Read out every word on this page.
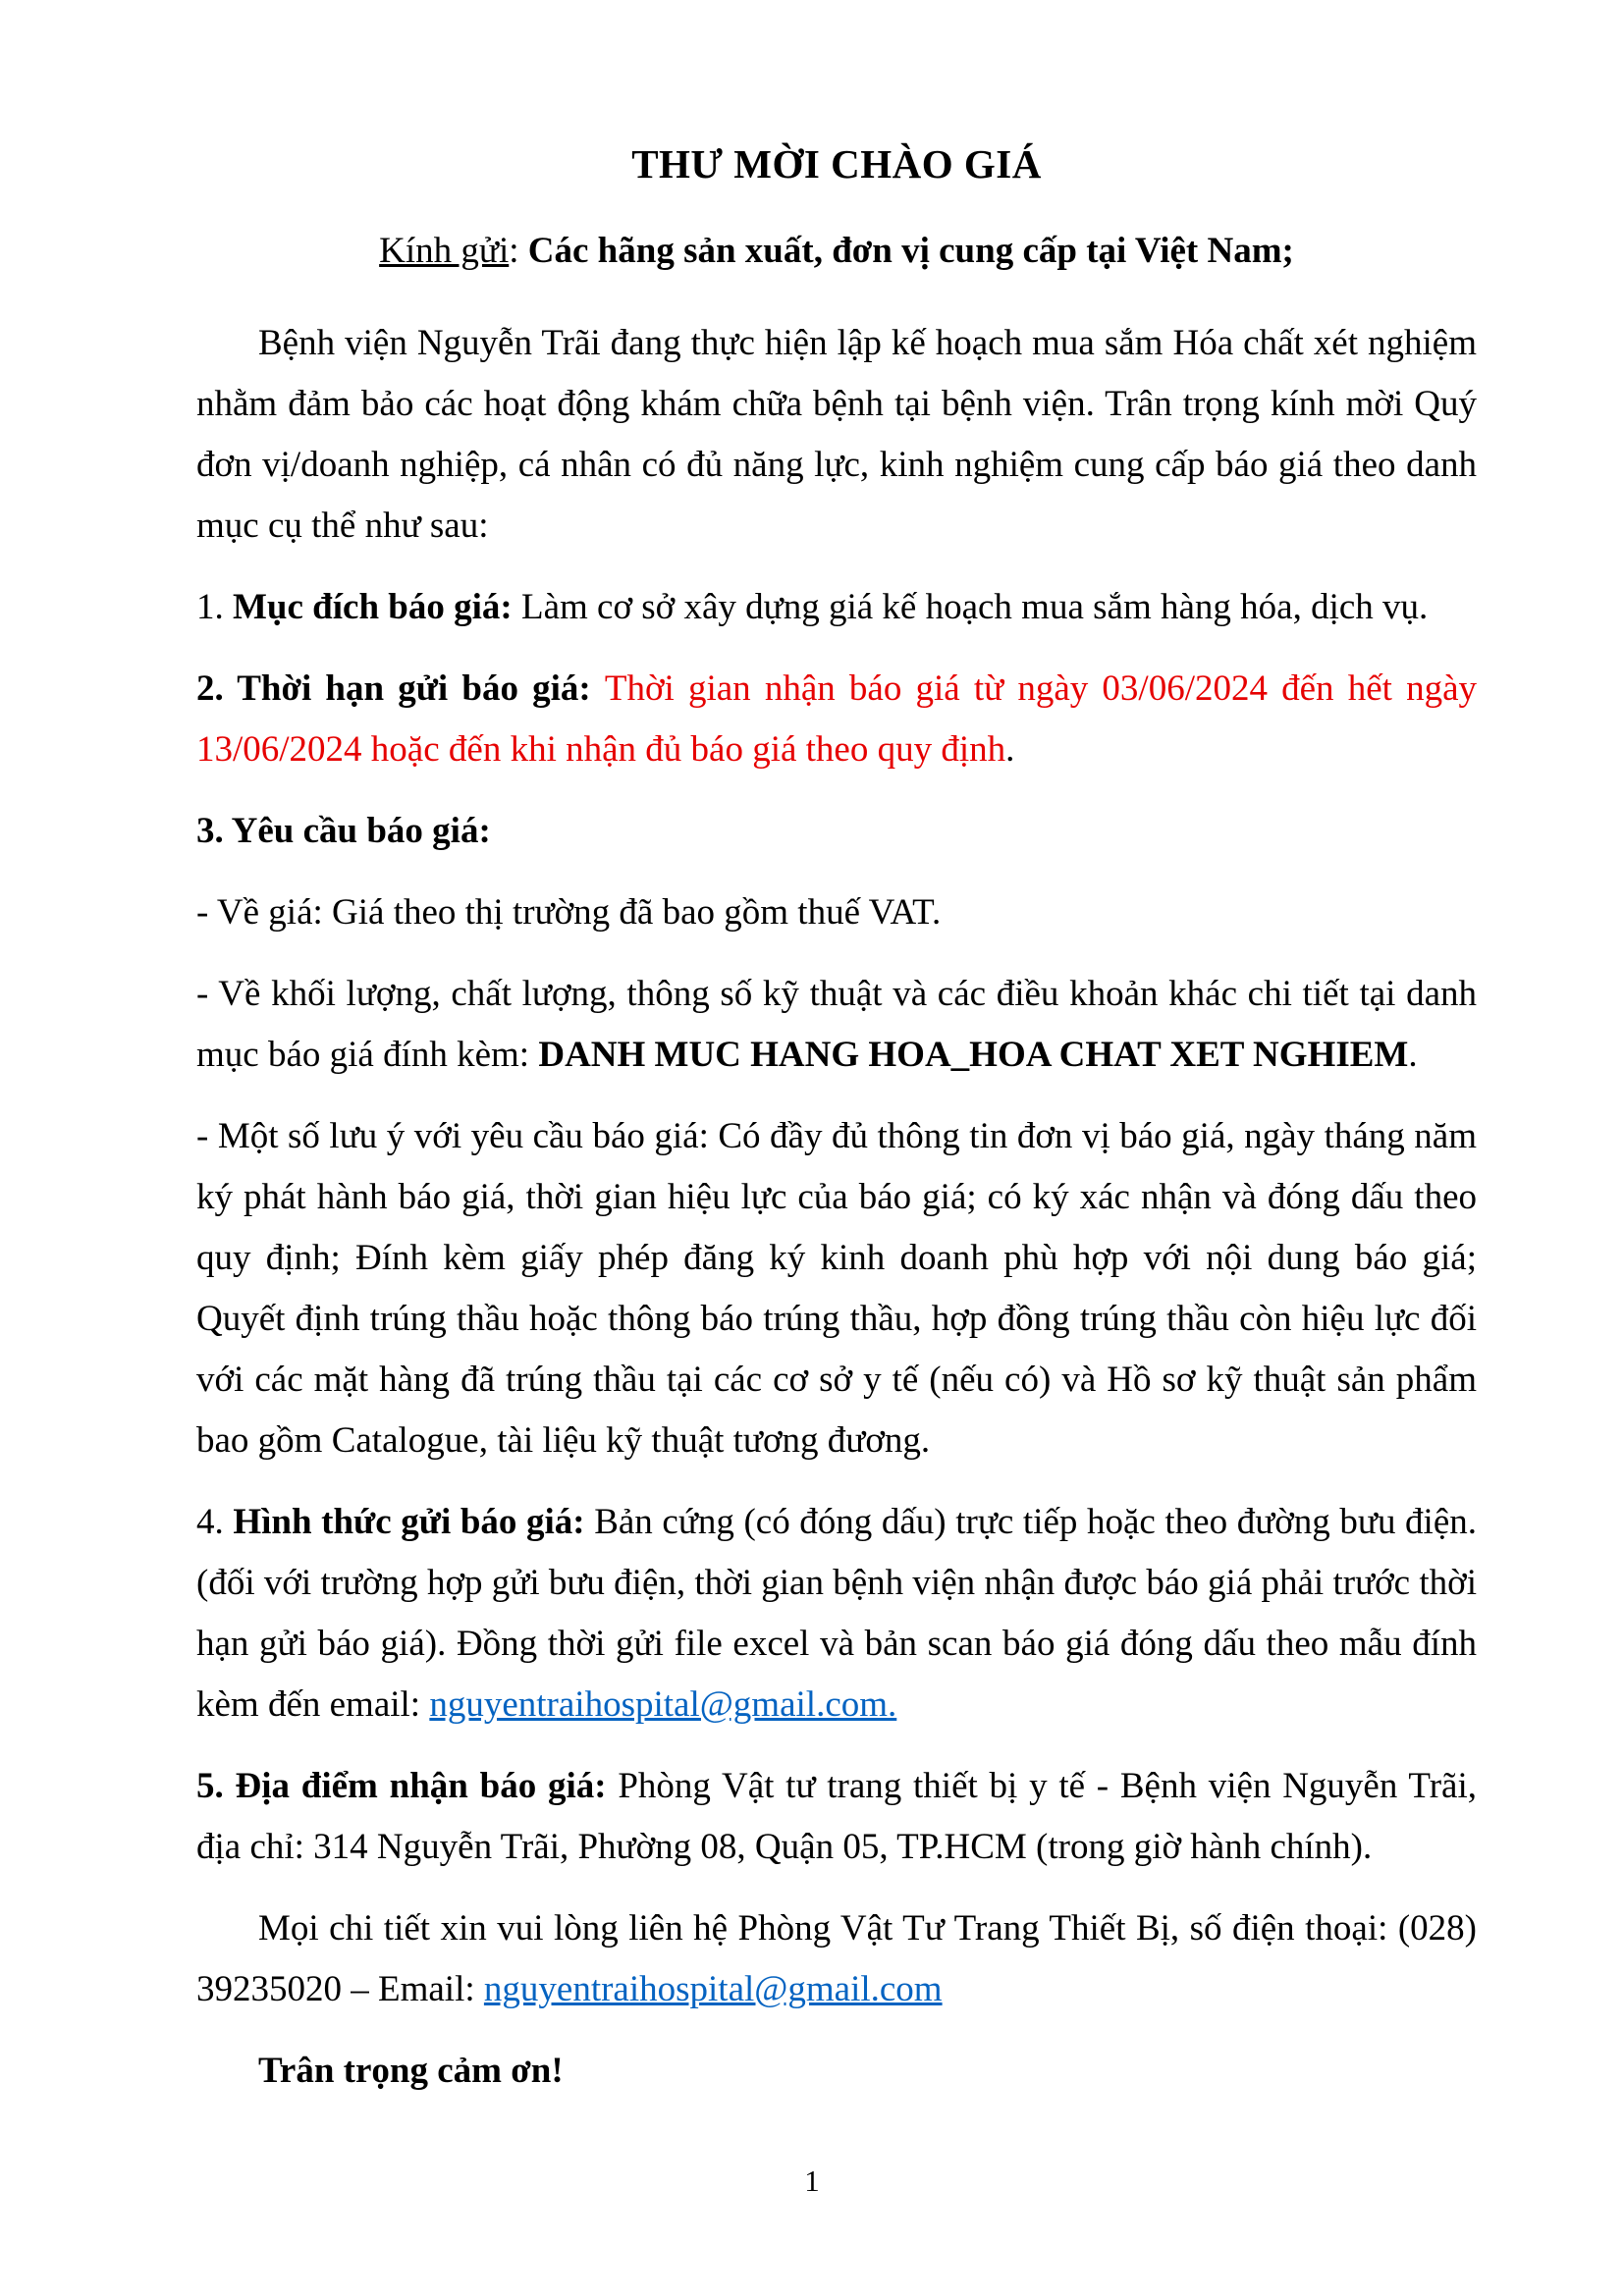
THƯ MỜI CHÀO GIÁ

Kính gửi: Các hãng sản xuất, đơn vị cung cấp tại Việt Nam;

Bệnh viện Nguyễn Trãi đang thực hiện lập kế hoạch mua sắm Hóa chất xét nghiệm nhằm đảm bảo các hoạt động khám chữa bệnh tại bệnh viện. Trân trọng kính mời Quý đơn vị/doanh nghiệp, cá nhân có đủ năng lực, kinh nghiệm cung cấp báo giá theo danh mục cụ thể như sau:

1. Mục đích báo giá: Làm cơ sở xây dựng giá kế hoạch mua sắm hàng hóa, dịch vụ.

2. Thời hạn gửi báo giá: Thời gian nhận báo giá từ ngày 03/06/2024 đến hết ngày 13/06/2024 hoặc đến khi nhận đủ báo giá theo quy định.

3. Yêu cầu báo giá:

- Về giá: Giá theo thị trường đã bao gồm thuế VAT.

- Về khối lượng, chất lượng, thông số kỹ thuật và các điều khoản khác chi tiết tại danh mục báo giá đính kèm: DANH MUC HANG HOA_HOA CHAT XET NGHIEM.

- Một số lưu ý với yêu cầu báo giá: Có đầy đủ thông tin đơn vị báo giá, ngày tháng năm ký phát hành báo giá, thời gian hiệu lực của báo giá; có ký xác nhận và đóng dấu theo quy định; Đính kèm giấy phép đăng ký kinh doanh phù hợp với nội dung báo giá; Quyết định trúng thầu hoặc thông báo trúng thầu, hợp đồng trúng thầu còn hiệu lực đối với các mặt hàng đã trúng thầu tại các cơ sở y tế (nếu có) và Hồ sơ kỹ thuật sản phẩm bao gồm Catalogue, tài liệu kỹ thuật tương đương.

4. Hình thức gửi báo giá: Bản cứng (có đóng dấu) trực tiếp hoặc theo đường bưu điện. (đối với trường hợp gửi bưu điện, thời gian bệnh viện nhận được báo giá phải trước thời hạn gửi báo giá). Đồng thời gửi file excel và bản scan báo giá đóng dấu theo mẫu đính kèm đến email: nguyentraihospital@gmail.com.

5. Địa điểm nhận báo giá: Phòng Vật tư trang thiết bị y tế - Bệnh viện Nguyễn Trãi, địa chỉ: 314 Nguyễn Trãi, Phường 08, Quận 05, TP.HCM (trong giờ hành chính).

Mọi chi tiết xin vui lòng liên hệ Phòng Vật Tư Trang Thiết Bị, số điện thoại: (028) 39235020 – Email: nguyentraihospital@gmail.com

Trân trọng cảm ơn!

1
